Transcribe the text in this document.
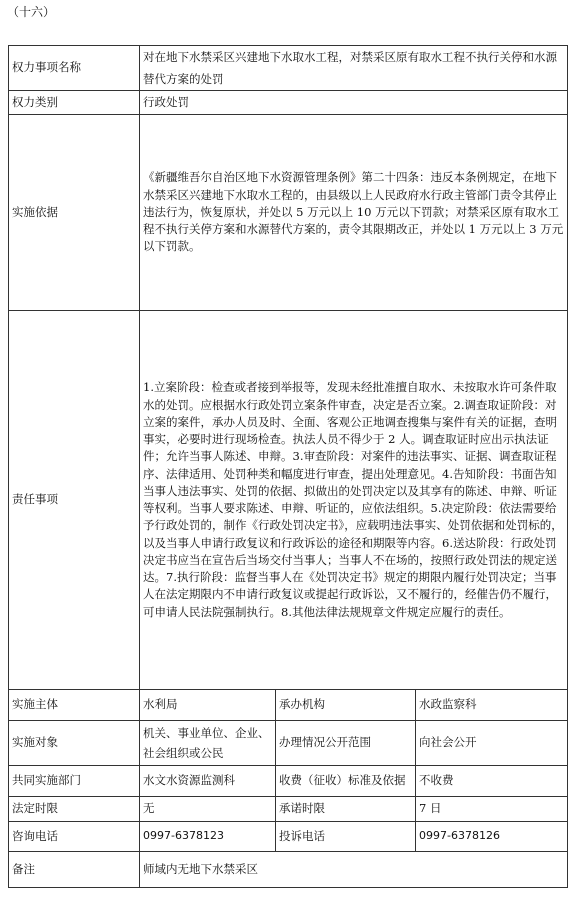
（十六）
权力事项名称	对在地下水禁采区兴建地下水取水工程，对禁采区原有取水工程不执行关停和水源替代方案的处罚		
权力类别	行政处罚		
实施依据	《新疆维吾尔自治区地下水资源管理条例》第二十四条：违反本条例规定，在地下水禁采区兴建地下水取水工程的，由县级以上人民政府水行政主管部门责令其停止违法行为，恢复原状，并处以 5 万元以上 10 万元以下罚款；对禁采区原有取水工程不执行关停方案和水源替代方案的，责令其限期改正，并处以 1 万元以上 3 万元以下罚款。		
责任事项	1.立案阶段：检查或者接到举报等，发现未经批准擅自取水、未按取水许可条件取水的处罚。应根据水行政处罚立案条件审查，决定是否立案。2.调查取证阶段：对立案的案件，承办人员及时、全面、客观公正地调查搜集与案件有关的证据，查明事实，必要时进行现场检查。执法人员不得少于 2 人。调查取证时应出示执法证件；允许当事人陈述、申辩。3.审查阶段：对案件的违法事实、证据、调查取证程序、法律适用、处罚种类和幅度进行审查，提出处理意见。4.告知阶段：书面告知当事人违法事实、处罚的依据、拟做出的处罚决定以及其享有的陈述、申辩、听证等权利。当事人要求陈述、申辩、听证的，应依法组织。5.决定阶段：依法需要给予行政处罚的，制作《行政处罚决定书》，应载明违法事实、处罚依据和处罚标的，以及当事人申请行政复议和行政诉讼的途径和期限等内容。6.送达阶段：行政处罚决定书应当在宣告后当场交付当事人；当事人不在场的，按照行政处罚法的规定送达。7.执行阶段：监督当事人在《处罚决定书》规定的期限内履行处罚决定；当事人在法定期限内不申请行政复议或提起行政诉讼，又不履行的，经催告仍不履行，可申请人民法院强制执行。8.其他法律法规规章文件规定应履行的责任。		
实施主体	水利局	承办机构	水政监察科
实施对象	机关、事业单位、企业、社会组织或公民	办理情况公开范围	向社会公开
共同实施部门	水文水资源监测科	收费（征收）标准及依据	不收费
法定时限	无	承诺时限	7 日
咨询电话	0997-6378123	投诉电话	0997-6378126
备注	师域内无地下水禁采区		
